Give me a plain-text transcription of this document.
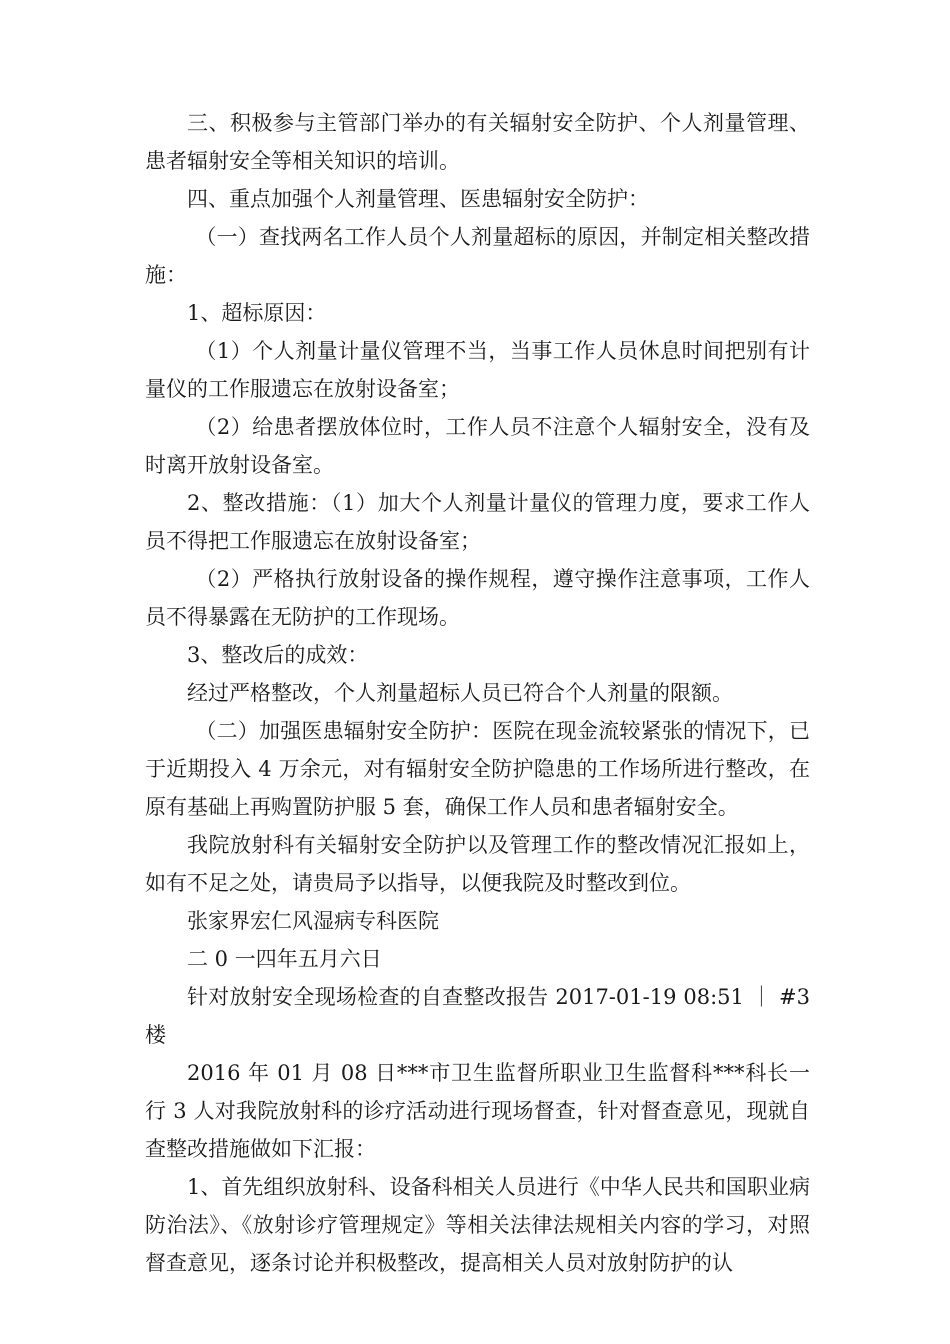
三、积极参与主管部门举办的有关辐射安全防护、个人剂量管理、患者辐射安全等相关知识的培训。

四、重点加强个人剂量管理、医患辐射安全防护：

（一）查找两名工作人员个人剂量超标的原因，并制定相关整改措施：

1、超标原因：

（1）个人剂量计量仪管理不当，当事工作人员休息时间把别有计量仪的工作服遗忘在放射设备室；

（2）给患者摆放体位时，工作人员不注意个人辐射安全，没有及时离开放射设备室。

2、整改措施：（1）加大个人剂量计量仪的管理力度，要求工作人员不得把工作服遗忘在放射设备室；

（2）严格执行放射设备的操作规程，遵守操作注意事项，工作人员不得暴露在无防护的工作现场。

3、整改后的成效：

经过严格整改，个人剂量超标人员已符合个人剂量的限额。

（二）加强医患辐射安全防护：医院在现金流较紧张的情况下，已于近期投入 4 万余元，对有辐射安全防护隐患的工作场所进行整改，在原有基础上再购置防护服 5 套，确保工作人员和患者辐射安全。

我院放射科有关辐射安全防护以及管理工作的整改情况汇报如上，如有不足之处，请贵局予以指导，以便我院及时整改到位。

张家界宏仁风湿病专科医院

二 0 一四年五月六日

针对放射安全现场检查的自查整改报告 2017-01-19 08:51 ｜ #3 楼

2016 年 01 月 08 日***市卫生监督所职业卫生监督科***科长一行 3 人对我院放射科的诊疗活动进行现场督查，针对督查意见，现就自查整改措施做如下汇报：

1、首先组织放射科、设备科相关人员进行《中华人民共和国职业病防治法》、《放射诊疗管理规定》等相关法律法规相关内容的学习，对照督查意见，逐条讨论并积极整改，提高相关人员对放射防护的认
